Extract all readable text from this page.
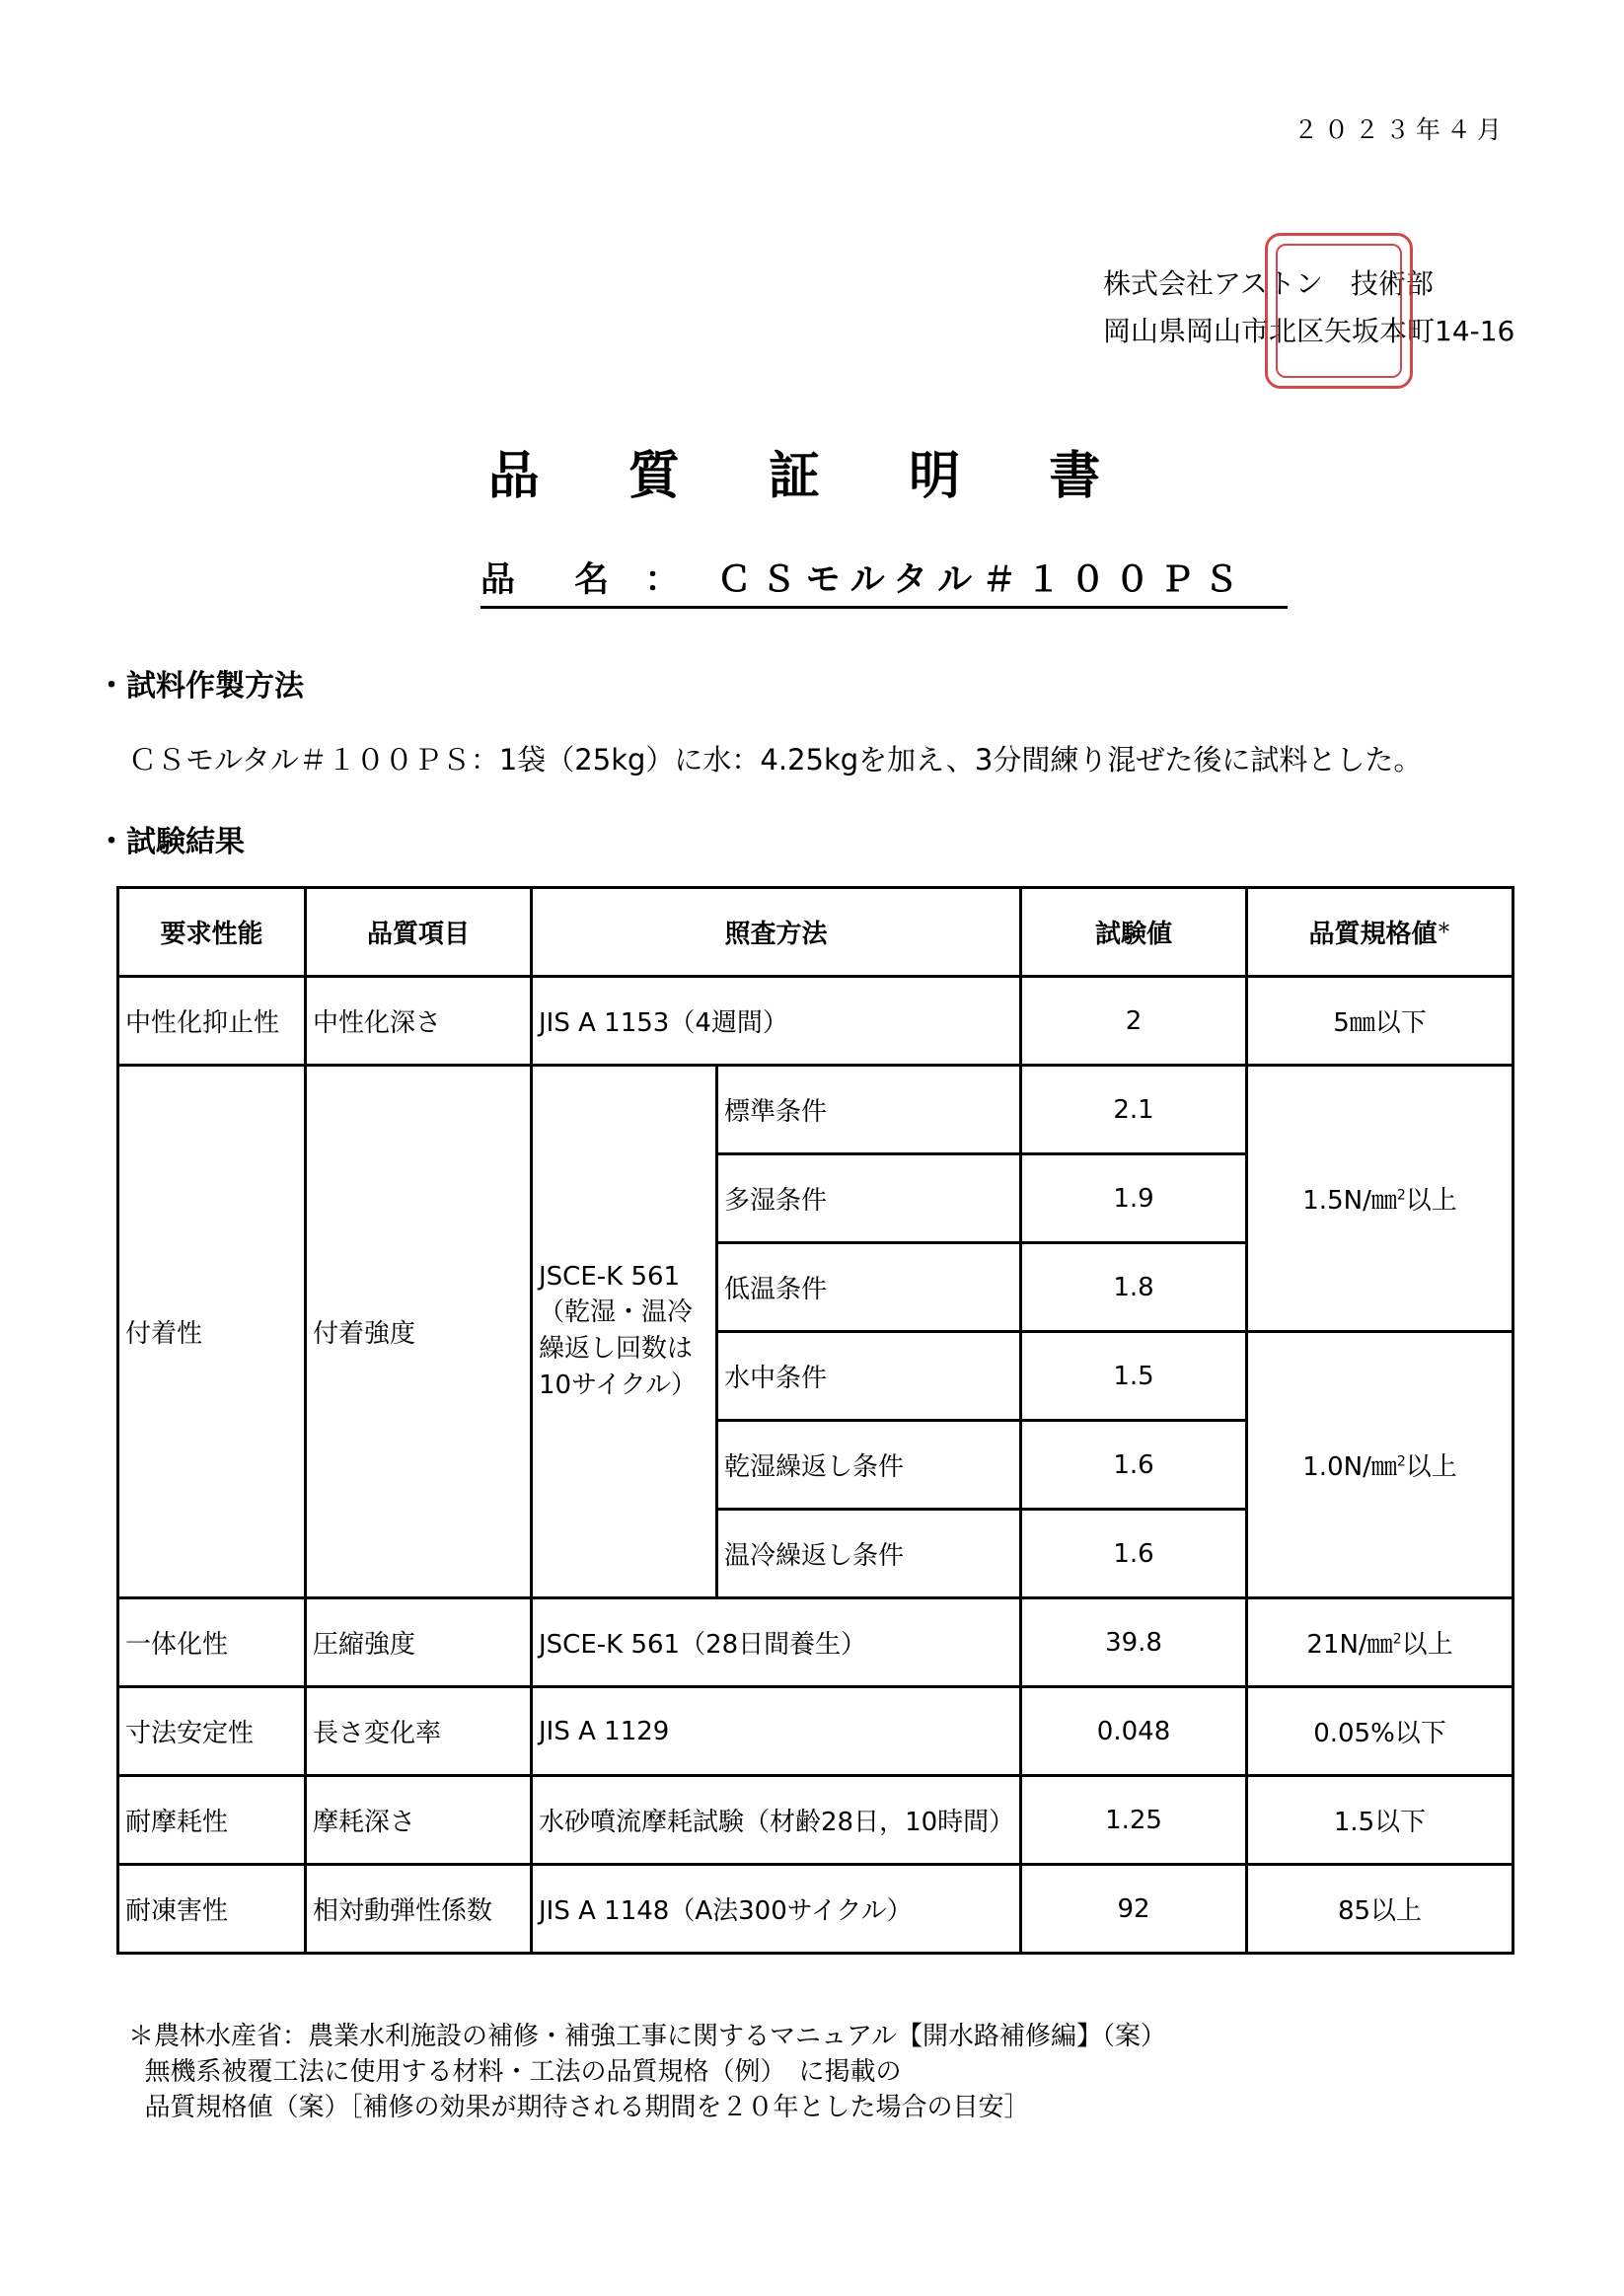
２０２３年４月
株式会社アストン　技術部
岡山県岡山市北区矢坂本町14-16
品 質 証 明 書
品 名 ： ＣＳモルタル＃１００ＰＳ
・試料作製方法
ＣＳモルタル＃１００ＰＳ：1袋（25kg）に水：4.25kgを加え、3分間練り混ぜた後に試料とした。
・試験結果
要求性能	品質項目	照査方法		試験値	品質規格値＊
中性化抑止性	中性化深さ	JIS A 1153（4週間）		2	5㎜以下
付着性	付着強度	JSCE-K 561（乾湿・温冷繰返し回数は10サイクル）	標準条件	2.1	1.5N/㎜$^2$以上
			多湿条件	1.9	
			低温条件	1.8	
			水中条件	1.5	1.0N/㎜$^2$以上
			乾湿繰返し条件	1.6	
			温冷繰返し条件	1.6	
一体化性	圧縮強度	JSCE-K 561（28日間養生）		39.8	21N/㎜$^2$以上
寸法安定性	長さ変化率	JIS A 1129		0.048	0.05%以下
耐摩耗性	摩耗深さ	水砂噴流摩耗試験（材齢28日，10時間）		1.25	1.5以下
耐凍害性	相対動弾性係数	JIS A 1148（A法300サイクル）		92	85以上
＊農林水産省：農業水利施設の補修・補強工事に関するマニュアル【開水路補修編】（案）
無機系被覆工法に使用する材料・工法の品質規格（例）　に掲載の
品質規格値（案）［補修の効果が期待される期間を２０年とした場合の目安］
